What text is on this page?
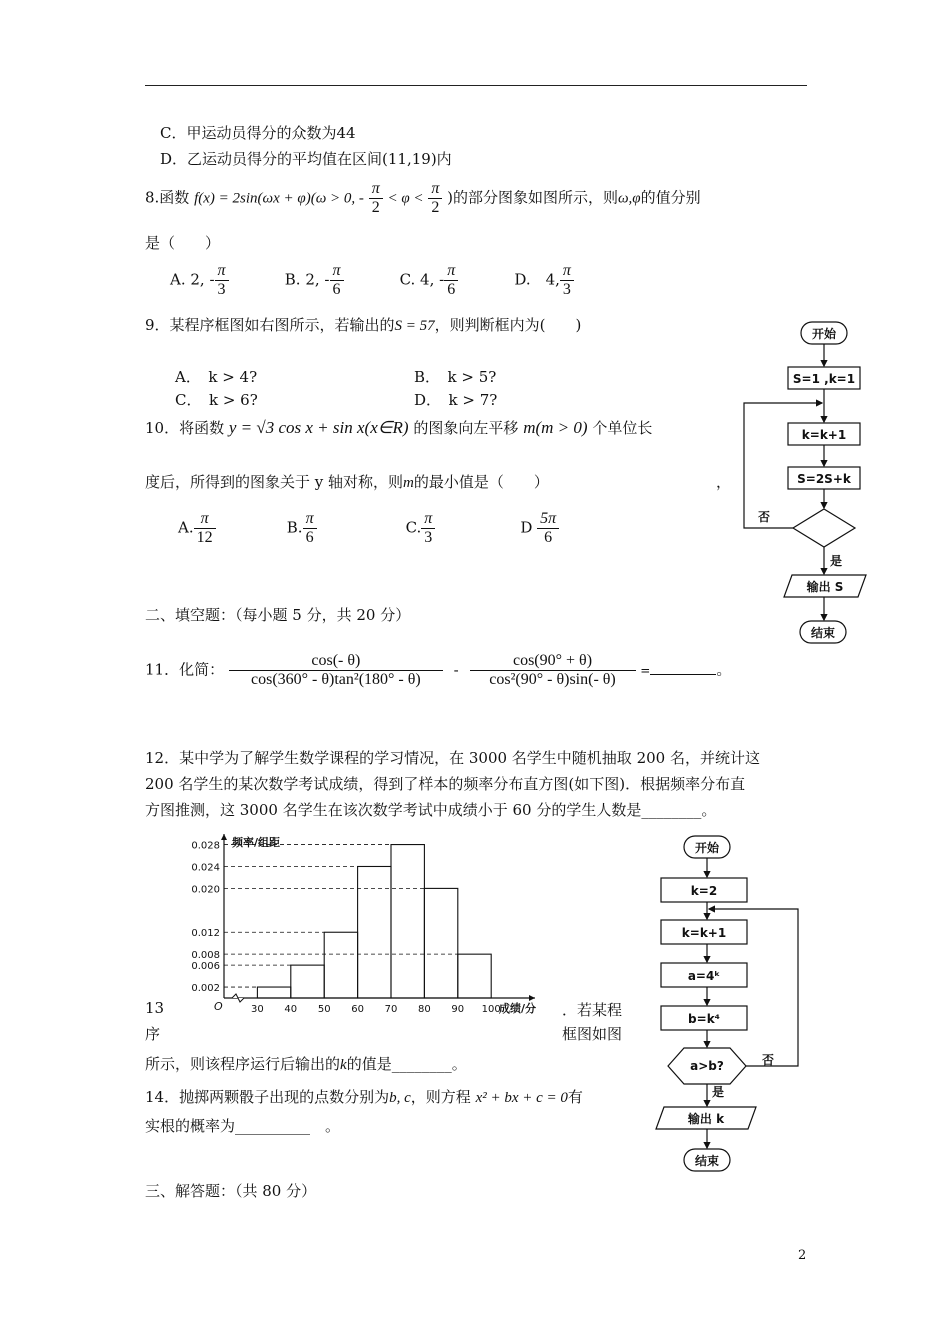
C．甲运动员得分的众数为44
D．乙运动员得分的平均值在区间(11,19)内
8.函数 f(x) = 2sin(ωx + φ)(ω > 0, - $\frac{\pi}{2} < \varphi < \frac{\pi}{2}$ )的部分图象如图所示，则ω,φ的值分别
是（　　）
A. 2, - $\frac{\pi}{3}$	B. 2, - $\frac{\pi}{6}$	C. 4, - $\frac{\pi}{6}$	D.　4, $\frac{\pi}{3}$
9．某程序框图如右图所示，若输出的S = 57，则判断框内为(　　)
A．　k > 4?	B．　k > 5?
C．　k > 6?	D．　k > 7?
10．将函数 y = √3 cos x + sin x(x∈R) 的图象向左平移 m(m > 0) 个单位长
度后，所得到的图象关于 y 轴对称，则m的最小值是（　　）	，
A. $\frac{\pi}{12}$	B. $\frac{\pi}{6}$	C. $\frac{\pi}{3}$	D $\frac{5\pi}{6}$
二、填空题：（每小题 5 分，共 20 分）
11．化简： $\frac{\cos(- \theta)}{\text{cos(360° - θ)tan²(180° - θ)}} - \frac{\cos(90^\circ + \theta)}{\text{cos²(90° - θ)sin(- θ)}}$ =	。
12．某中学为了解学生数学课程的学习情况，在 3000 名学生中随机抽取 200 名，并统计这
200 名学生的某次数学考试成绩，得到了样本的频率分布直方图(如下图)．根据频率分布直
方图推测，这 3000 名学生在该次数学考试中成绩小于 60 分的学生人数是________。
0.028
0.024
0.020
0.012
0.008
0.006
0.002
30 40 50 60 70 80 90 100
O
频率/组距
成绩/分
13	．若某程
序	框图如图
所示，则该程序运行后输出的k的值是________。
14．抛掷两颗骰子出现的点数分别为b, c，则方程 x² + bx + c = 0有
实根的概率为__________　。
三、解答题：（共 80 分）
2
开始
S=1 ,k=1
k=k+1
S=2S+k
否
是
输出 S
结束
开始
k=2
k=k+1
a=4ᵏ
b=k⁴
a>b?	否
是
输出 k
结束
